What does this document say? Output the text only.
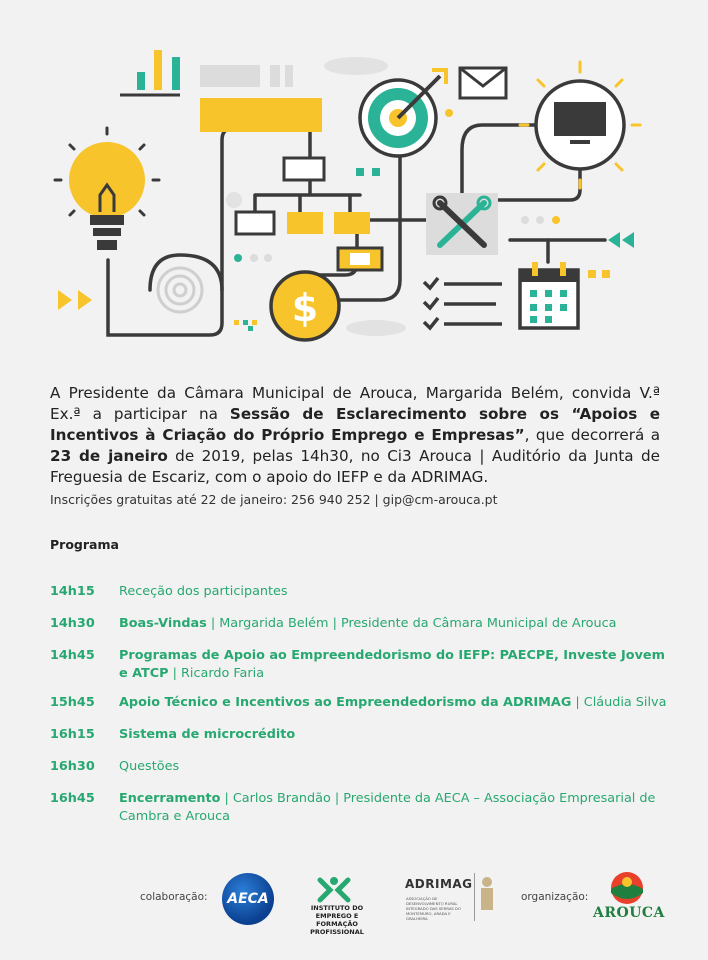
$
A Presidente da Câmara Municipal de Arouca, Margarida Belém, convida V.ª Ex.ª a participar na Sessão de Esclarecimento sobre os “Apoios e Incentivos à Criação do Próprio Emprego e Empresas”, que decorrerá a 23 de janeiro de 2019, pelas 14h30, no Ci3 Arouca | Auditório da Junta de Freguesia de Escariz, com o apoio do IEFP e da ADRIMAG.
Inscrições gratuitas até 22 de janeiro: 256 940 252 | gip@cm-arouca.pt
Programa
14h15 Receção dos participantes
14h30 Boas-Vindas | Margarida Belém | Presidente da Câmara Municipal de Arouca
14h45 Programas de Apoio ao Empreendedorismo do IEFP: PAECPE, Investe Jovem e ATCP | Ricardo Faria
15h45 Apoio Técnico e Incentivos ao Empreendedorismo da ADRIMAG | Cláudia Silva
16h15 Sistema de microcrédito
16h30 Questões
16h45 Encerramento | Carlos Brandão | Presidente da AECA – Associação Empresarial de Cambra e Arouca
colaboração:	AECA
INSTITUTO DO EMPREGO E FORMAÇÃO PROFISSIONAL
ADRIMAG
ASSOCIAÇÃO DE DESENVOLVIMENTO RURAL INTEGRADO DAS SERRAS DO MONTEMURO, ARADA E GRALHEIRA
organização:
AROUCA
